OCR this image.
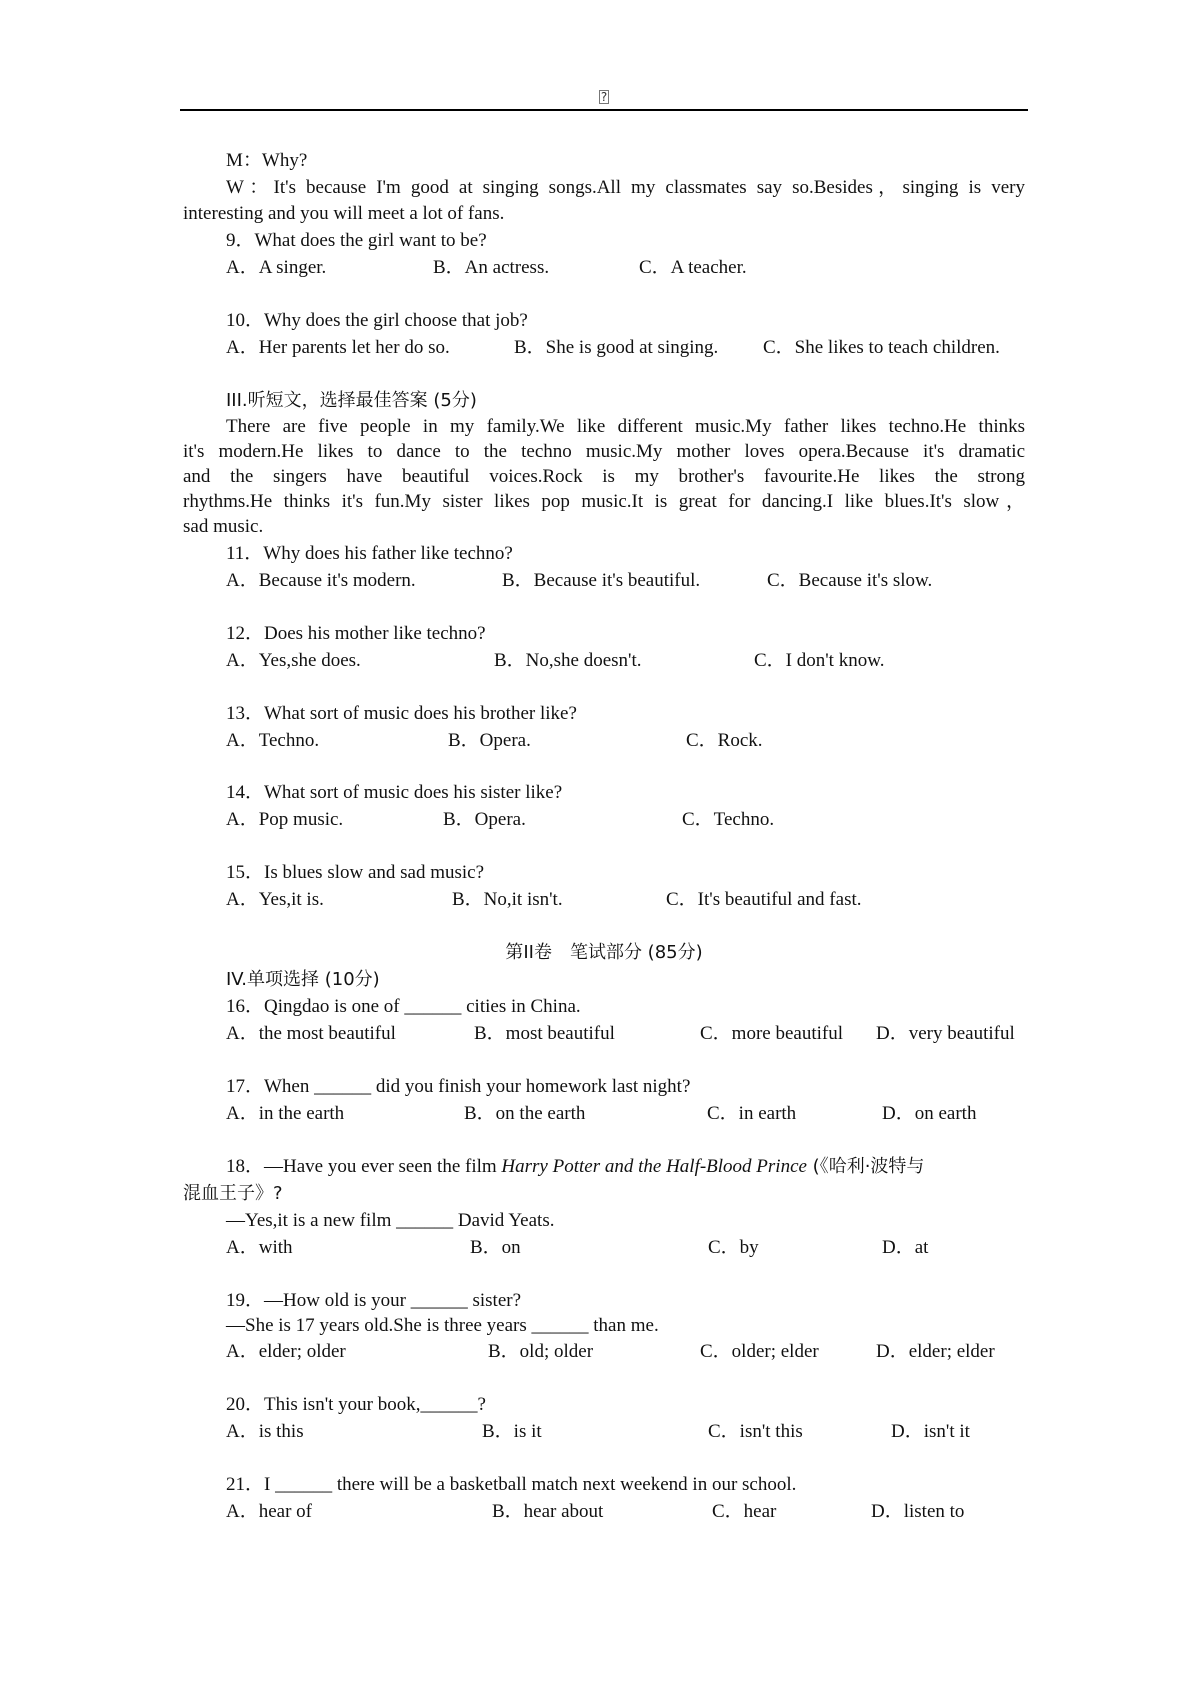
?
M：Why?
W：It's because I'm good at singing songs.All my classmates say so.Besides，singing is very
interesting and you will meet a lot of fans.
9．What does the girl want to be?
A．A singer.	B．An actress.	C．A teacher.
10．Why does the girl choose that job?
A．Her parents let her do so.	B．She is good at singing. C．She likes to teach children.
III.听短文，选择最佳答案 (5分)
There are five people in my family.We like different music.My father likes techno.He thinks
it's modern.He likes to dance to the techno music.My mother loves opera.Because it's dramatic
and the singers have beautiful voices.Rock is my brother's favourite.He likes the strong
rhythms.He thinks it's fun.My sister likes pop music.It is great for dancing.I like blues.It's slow，
sad music.
11．Why does his father like techno?
A．Because it's modern.	B．Because it's beautiful.	C．Because it's slow.
12．Does his mother like techno?
A．Yes,she does.	B．No,she doesn't.	C．I don't know.
13．What sort of music does his brother like?
A．Techno.	B．Opera.	C．Rock.
14．What sort of music does his sister like?
A．Pop music.	B．Opera.	C．Techno.
15．Is blues slow and sad music?
A．Yes,it is.	B．No,it isn't.	C．It's beautiful and fast.
第II卷　笔试部分 (85分)
IV.单项选择 (10分)
16．Qingdao is one of ______ cities in China.
A．the most beautiful	B．most beautiful	C．more beautiful D．very beautiful
17．When ______ did you finish your homework last night?
A．in the earth	B．on the earth	C．in earth	D．on earth
18．—Have you ever seen the film Harry Potter and the Half-Blood Prince (《哈利·波特与
混血王子》?
—Yes,it is a new film ______ David Yeats.
A．with	B．on	C．by	D．at
19．—How old is your ______ sister?
—She is 17 years old.She is three years ______ than me.
A．elder; older	B．old; older	C．older; elder	D．elder; elder
20．This isn't your book,______?
A．is this	B．is it	C．isn't this	D．isn't it
21．I ______ there will be a basketball match next weekend in our school.
A．hear of	B．hear about	C．hear	D．listen to
